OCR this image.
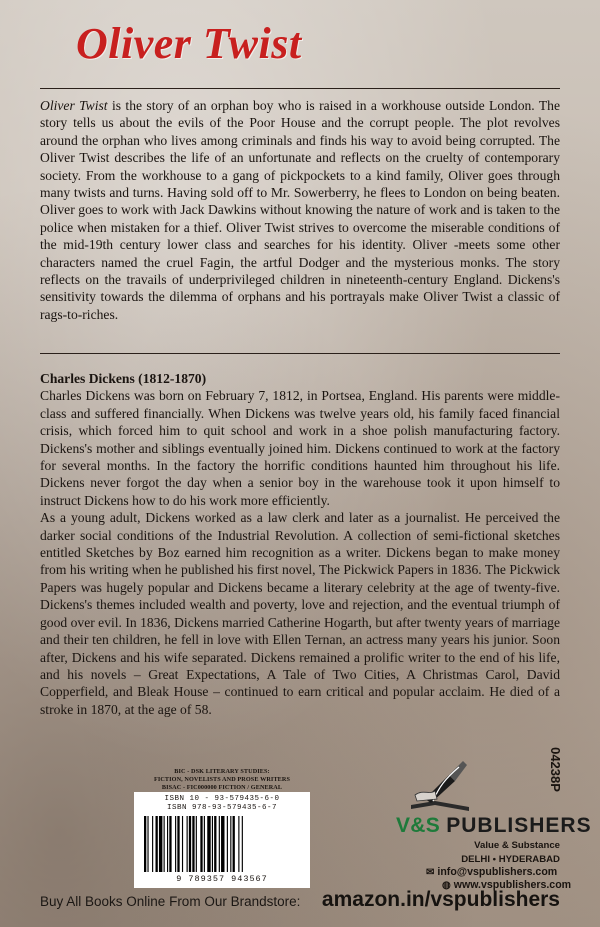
Oliver Twist

Oliver Twist is the story of an orphan boy who is raised in a workhouse outside London. The story tells us about the evils of the Poor House and the corrupt people. The plot revolves around the orphan who lives among criminals and finds his way to avoid being corrupted. The Oliver Twist describes the life of an unfortunate and reflects on the cruelty of contemporary society. From the workhouse to a gang of pickpockets to a kind family, Oliver goes through many twists and turns. Having sold off to Mr. Sowerberry, he flees to London on being beaten. Oliver goes to work with Jack Dawkins without knowing the nature of work and is taken to the police when mistaken for a thief. Oliver Twist strives to overcome the miserable conditions of the mid-19th century lower class and searches for his identity. Oliver -meets some other characters named the cruel Fagin, the artful Dodger and the mysterious monks. The story reflects on the travails of underprivileged children in nineteenth-century England. Dickens's sensitivity towards the dilemma of orphans and his portrayals make Oliver Twist a classic of rags-to-riches.

Charles Dickens (1812-1870)

Charles Dickens was born on February 7, 1812, in Portsea, England. His parents were middle-class and suffered financially. When Dickens was twelve years old, his family faced financial crisis, which forced him to quit school and work in a shoe polish manufacturing factory. Dickens's mother and siblings eventually joined him. Dickens continued to work at the factory for several months. In the factory the horrific conditions haunted him throughout his life. Dickens never forgot the day when a senior boy in the warehouse took it upon himself to instruct Dickens how to do his work more efficiently.

As a young adult, Dickens worked as a law clerk and later as a journalist. He perceived the darker social conditions of the Industrial Revolution. A collection of semi-fictional sketches entitled Sketches by Boz earned him recognition as a writer. Dickens began to make money from his writing when he published his first novel, The Pickwick Papers in 1836. The Pickwick Papers was hugely popular and Dickens became a literary celebrity at the age of twenty-five. Dickens's themes included wealth and poverty, love and rejection, and the eventual triumph of good over evil. In 1836, Dickens married Catherine Hogarth, but after twenty years of marriage and their ten children, he fell in love with Ellen Ternan, an actress many years his junior. Soon after, Dickens and his wife separated. Dickens remained a prolific writer to the end of his life, and his novels – Great Expectations, A Tale of Two Cities, A Christmas Carol, David Copperfield, and Bleak House – continued to earn critical and popular acclaim. He died of a stroke in 1870, at the age of 58.

BIC - DSK LITERARY STUDIES:
FICTION, NOVELISTS AND PROSE WRITERS
BISAC - FIC000000 FICTION / GENERAL
ISBN 10 - 93-579435-6-0
ISBN 978-93-579435-6-7
9 789357 943567
04238P
V&S PUBLISHERS
Value & Substance
DELHI • HYDERABAD
✉ info@vspublishers.com
◍ www.vspublishers.com
Buy All Books Online From Our Brandstore: amazon.in/vspublishers
